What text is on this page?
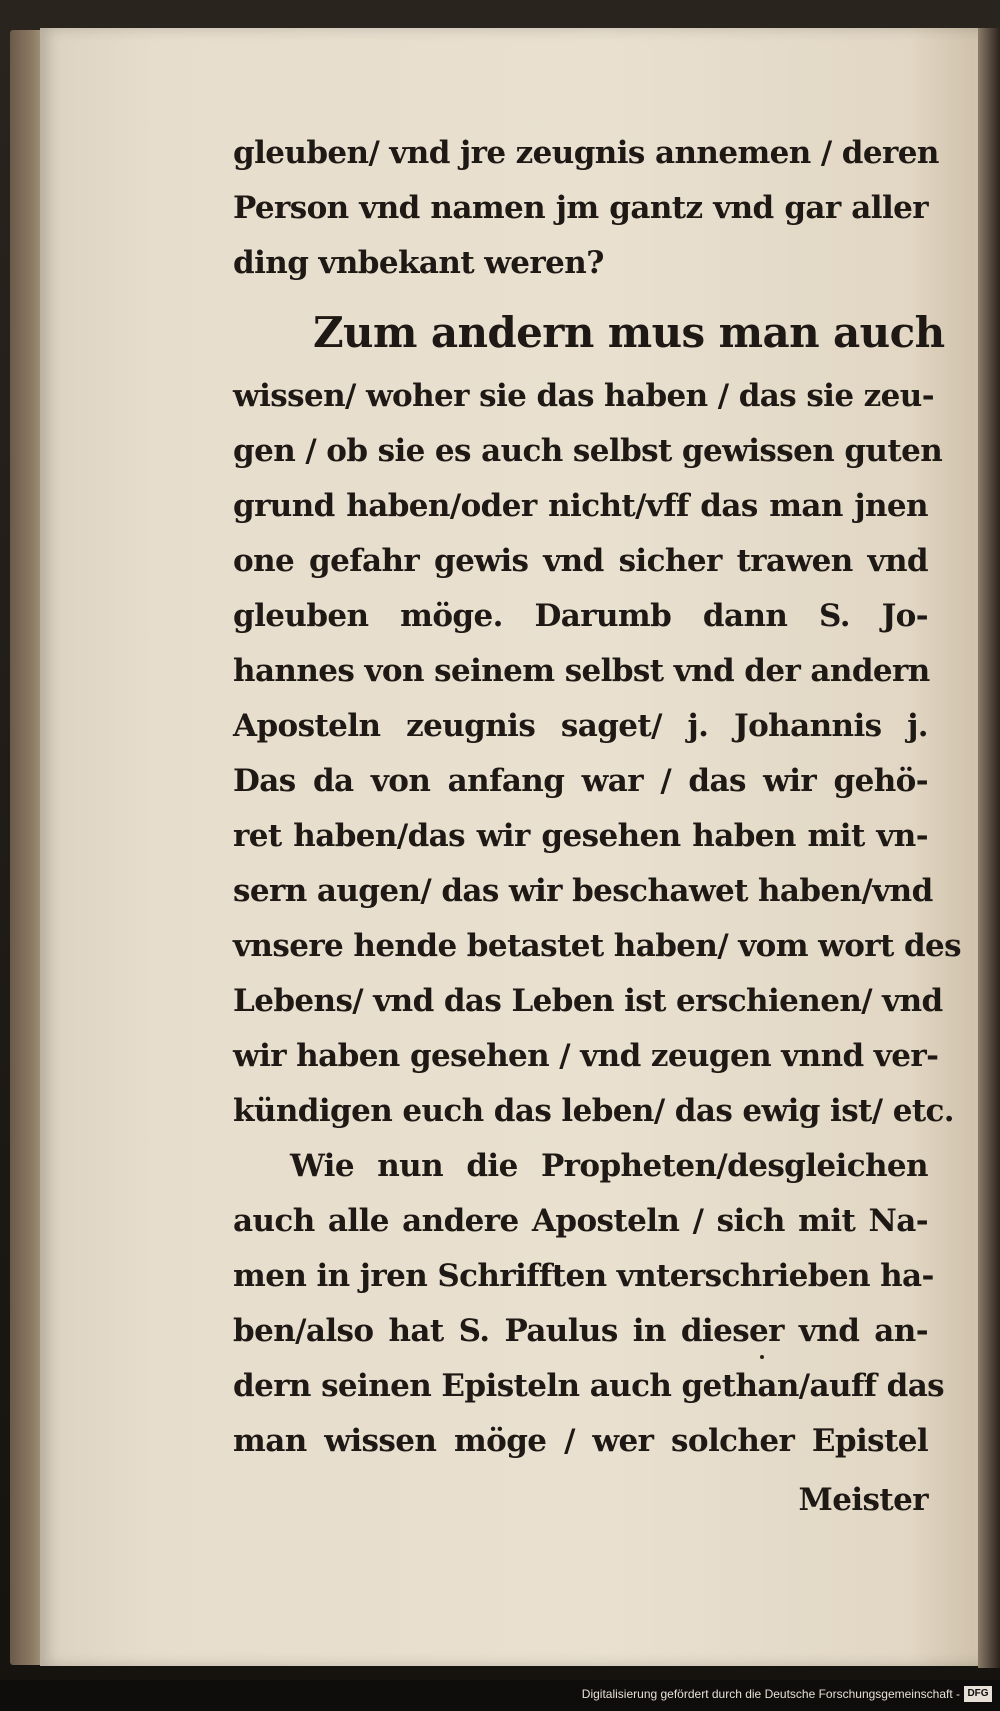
gleuben/ vnd jre zeugnis annemen / deren
Person vnd namen jm gantz vnd gar aller
ding vnbekant weren?
Zum andern mus man auch
wissen/ woher sie das haben / das sie zeu-
gen / ob sie es auch selbst gewissen guten
grund haben/oder nicht/vff das man jnen
one gefahr gewis vnd sicher trawen vnd
gleuben möge. Darumb dann S. Jo-
hannes von seinem selbst vnd der andern
Aposteln zeugnis saget/ j. Johannis j.
Das da von anfang war / das wir gehö-
ret haben/das wir gesehen haben mit vn-
sern augen/ das wir beschawet haben/vnd
vnsere hende betastet haben/ vom wort des
Lebens/ vnd das Leben ist erschienen/ vnd
wir haben gesehen / vnd zeugen vnnd ver-
kündigen euch das leben/ das ewig ist/ etc.
Wie nun die Propheten/desgleichen
auch alle andere Aposteln / sich mit Na-
men in jren Schrifften vnterschrieben ha-
ben/also hat S. Paulus in dieser vnd an-
dern seinen Episteln auch gethan/auff das
man wissen möge / wer solcher Epistel
Meister
Digitalisierung gefördert durch die Deutsche Forschungsgemeinschaft - DFG
